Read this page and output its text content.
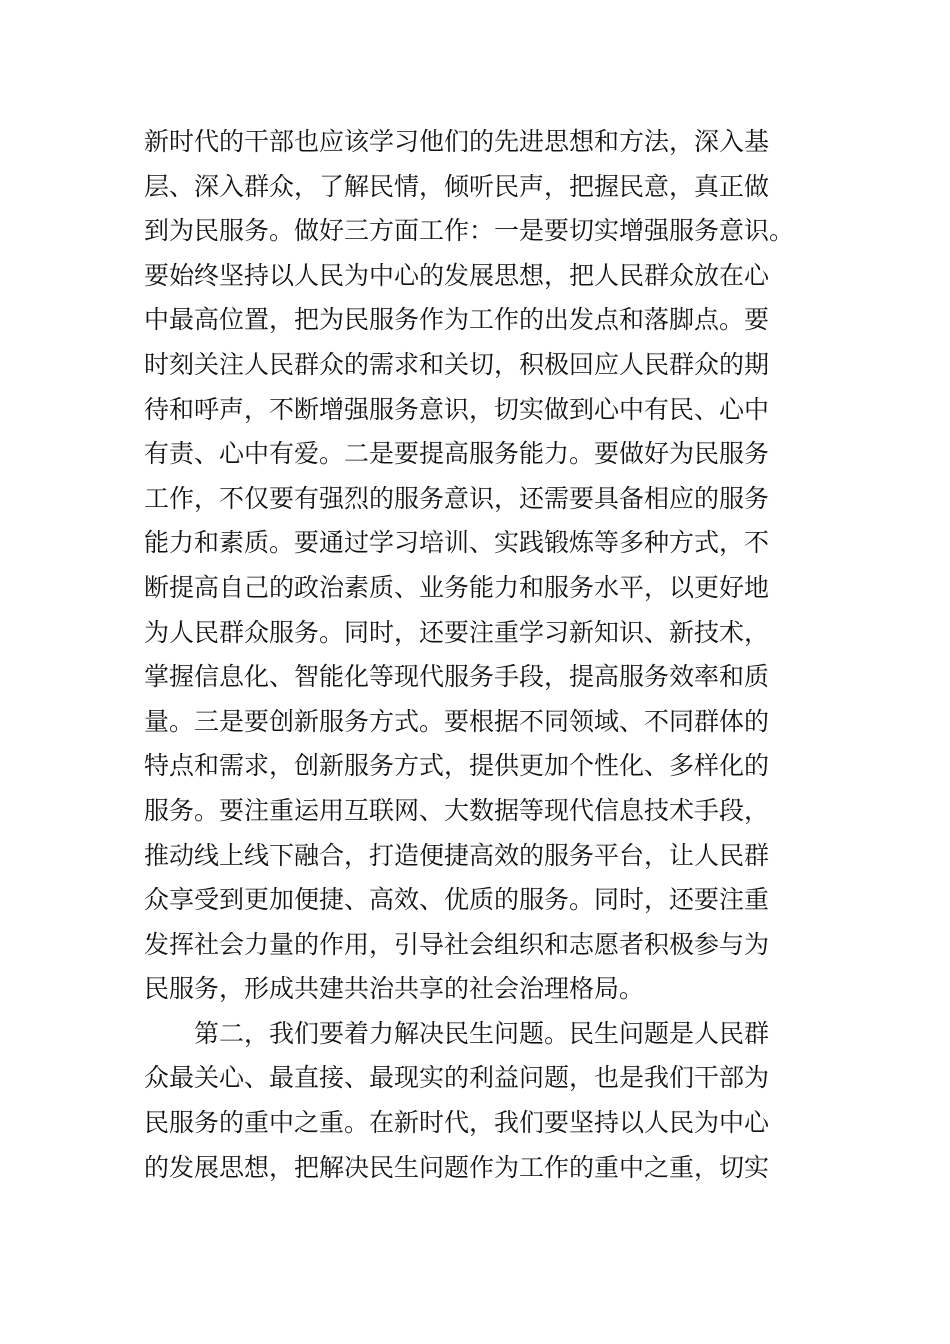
新时代的干部也应该学习他们的先进思想和方法，深入基
层、深入群众，了解民情，倾听民声，把握民意，真正做
到为民服务。做好三方面工作：一是要切实增强服务意识。
要始终坚持以人民为中心的发展思想，把人民群众放在心
中最高位置，把为民服务作为工作的出发点和落脚点。要
时刻关注人民群众的需求和关切，积极回应人民群众的期
待和呼声，不断增强服务意识，切实做到心中有民、心中
有责、心中有爱。二是要提高服务能力。要做好为民服务
工作，不仅要有强烈的服务意识，还需要具备相应的服务
能力和素质。要通过学习培训、实践锻炼等多种方式，不
断提高自己的政治素质、业务能力和服务水平，以更好地
为人民群众服务。同时，还要注重学习新知识、新技术，
掌握信息化、智能化等现代服务手段，提高服务效率和质
量。三是要创新服务方式。要根据不同领域、不同群体的
特点和需求，创新服务方式，提供更加个性化、多样化的
服务。要注重运用互联网、大数据等现代信息技术手段，
推动线上线下融合，打造便捷高效的服务平台，让人民群
众享受到更加便捷、高效、优质的服务。同时，还要注重
发挥社会力量的作用，引导社会组织和志愿者积极参与为
民服务，形成共建共治共享的社会治理格局。
第二，我们要着力解决民生问题。民生问题是人民群
众最关心、最直接、最现实的利益问题，也是我们干部为
民服务的重中之重。在新时代，我们要坚持以人民为中心
的发展思想，把解决民生问题作为工作的重中之重，切实
